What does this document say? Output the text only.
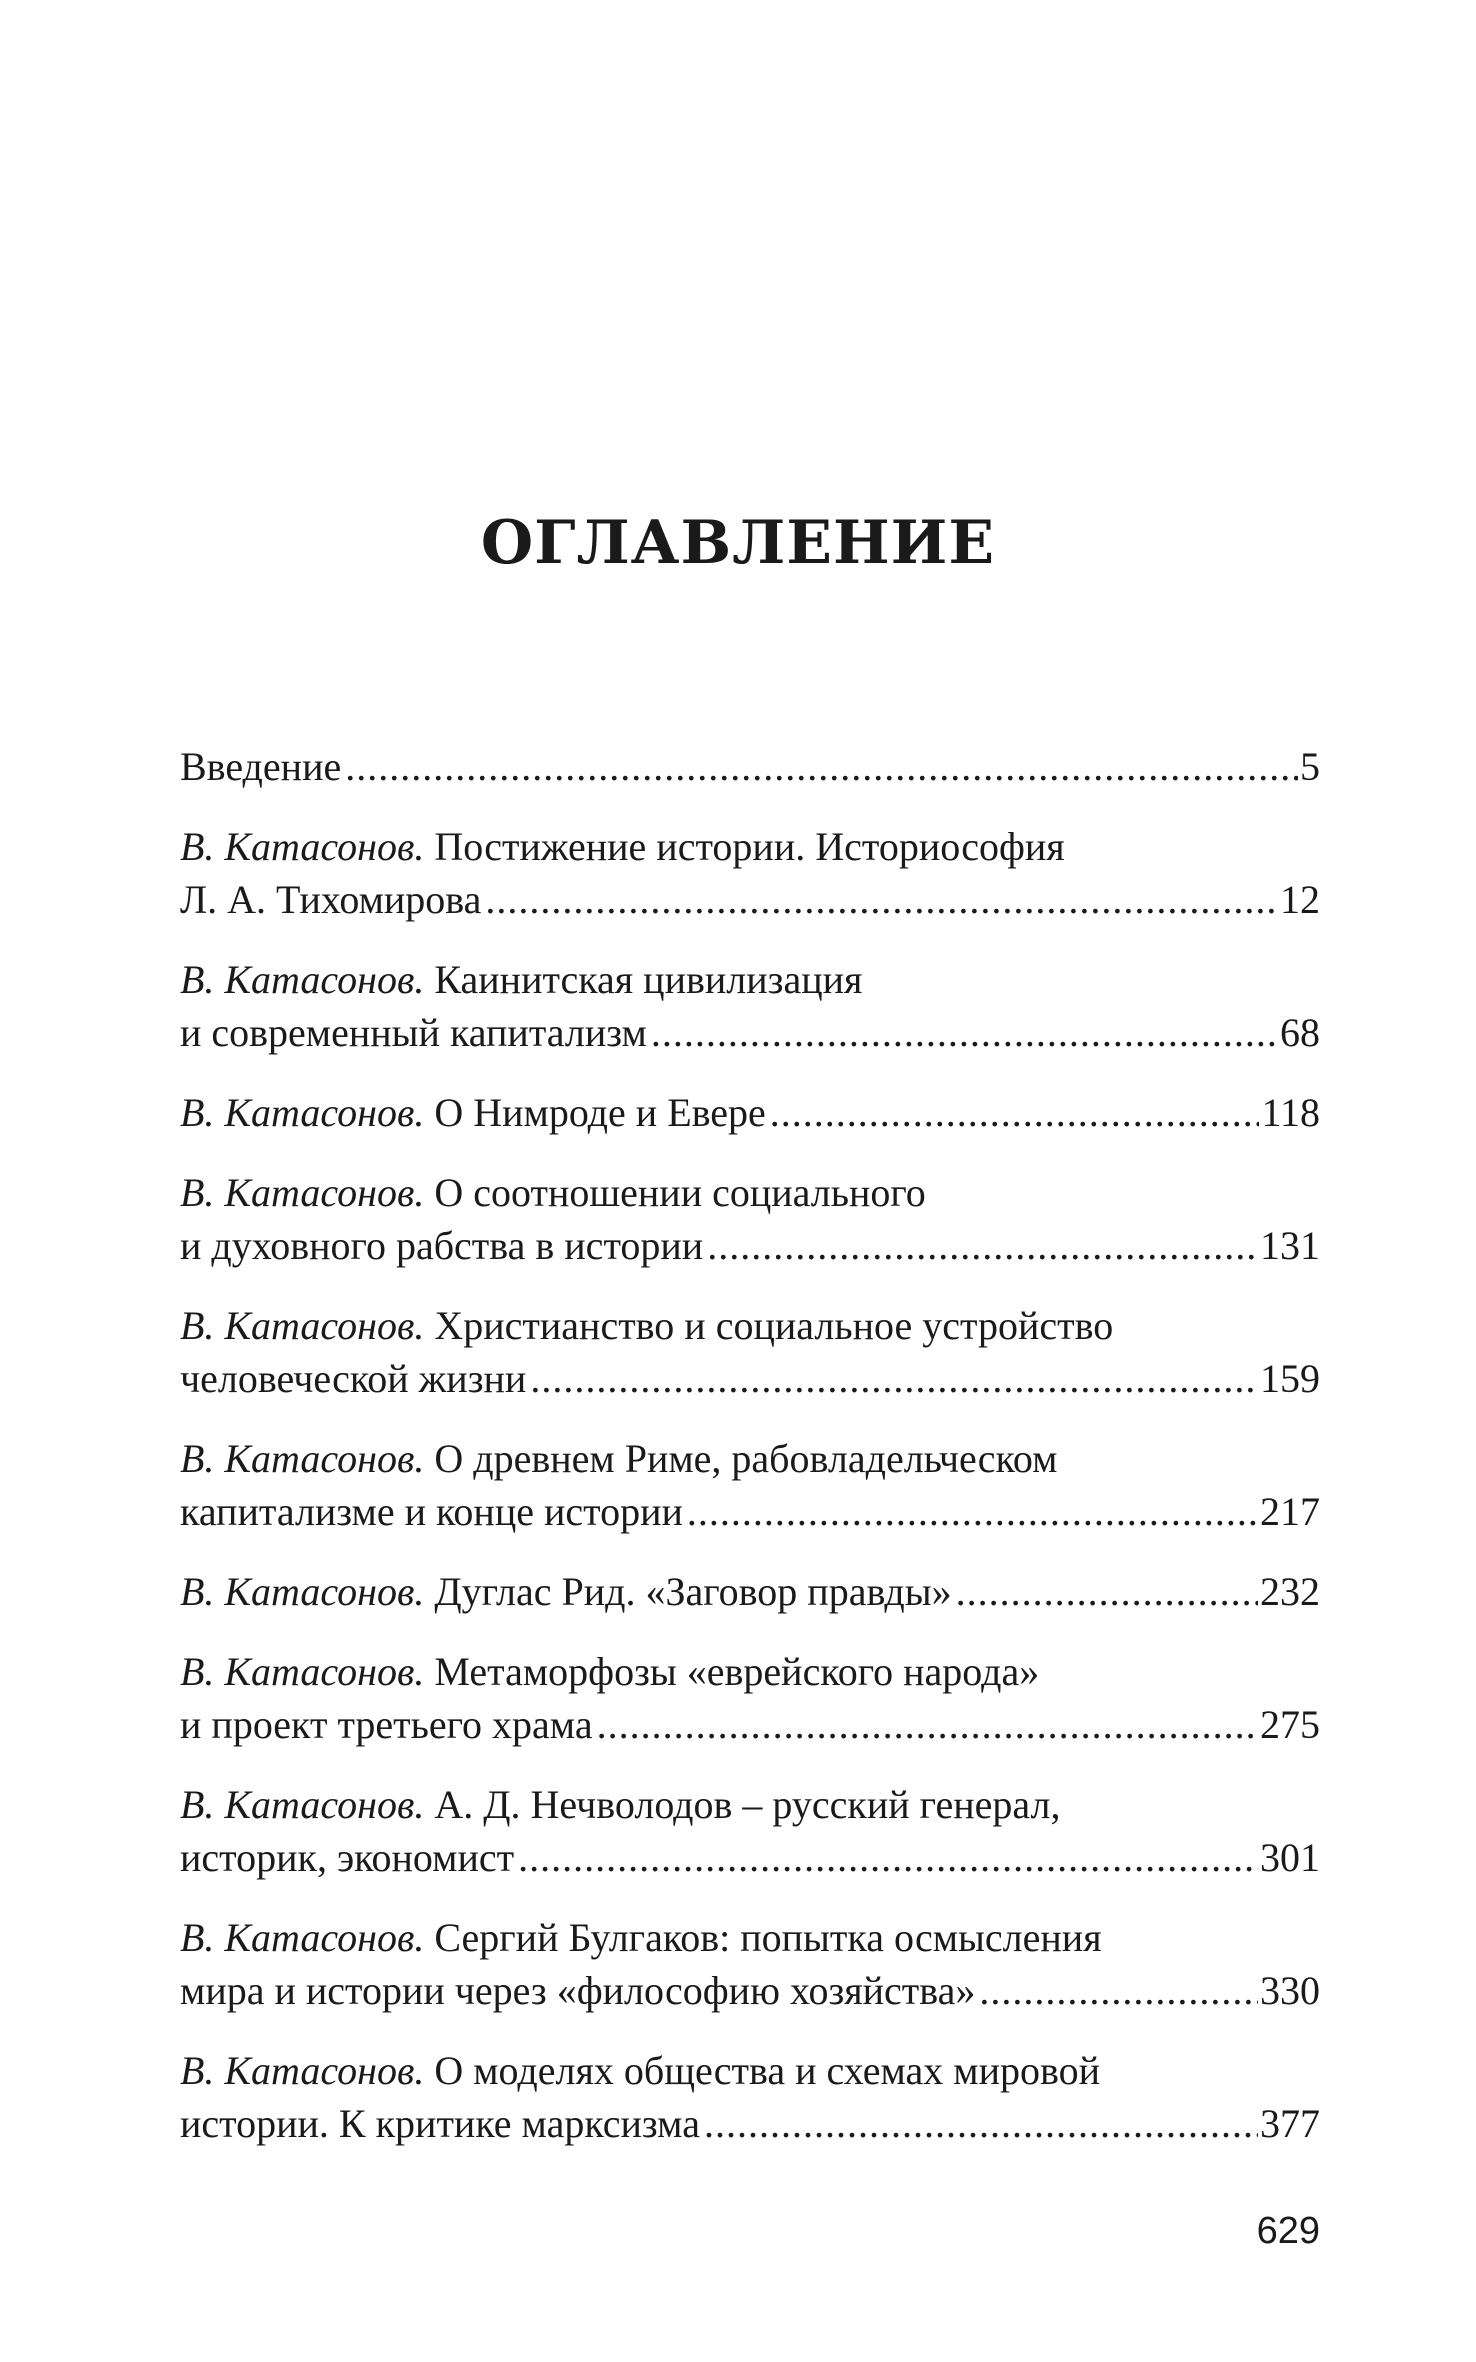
ОГЛАВЛЕНИЕ
Введение .....	5
В. Катасонов. Постижение истории. Историософия
Л. А. Тихомирова .....	12
В. Катасонов. Каинитская цивилизация
и современный капитализм .....	68
В. Катасонов. О Нимроде и Евере .....	118
В. Катасонов. О соотношении социального
и духовного рабства в истории .....	131
В. Катасонов. Христианство и социальное устройство
человеческой жизни .....	159
В. Катасонов. О древнем Риме, рабовладельческом
капитализме и конце истории .....	217
В. Катасонов. Дуглас Рид. «Заговор правды» .....	232
В. Катасонов. Метаморфозы «еврейского народа»
и проект третьего храма .....	275
В. Катасонов. А. Д. Нечволодов – русский генерал,
историк, экономист .....	301
В. Катасонов. Сергий Булгаков: попытка осмысления
мира и истории через «философию хозяйства» .....	330
В. Катасонов. О моделях общества и схемах мировой
истории. К критике марксизма .....	377
629
